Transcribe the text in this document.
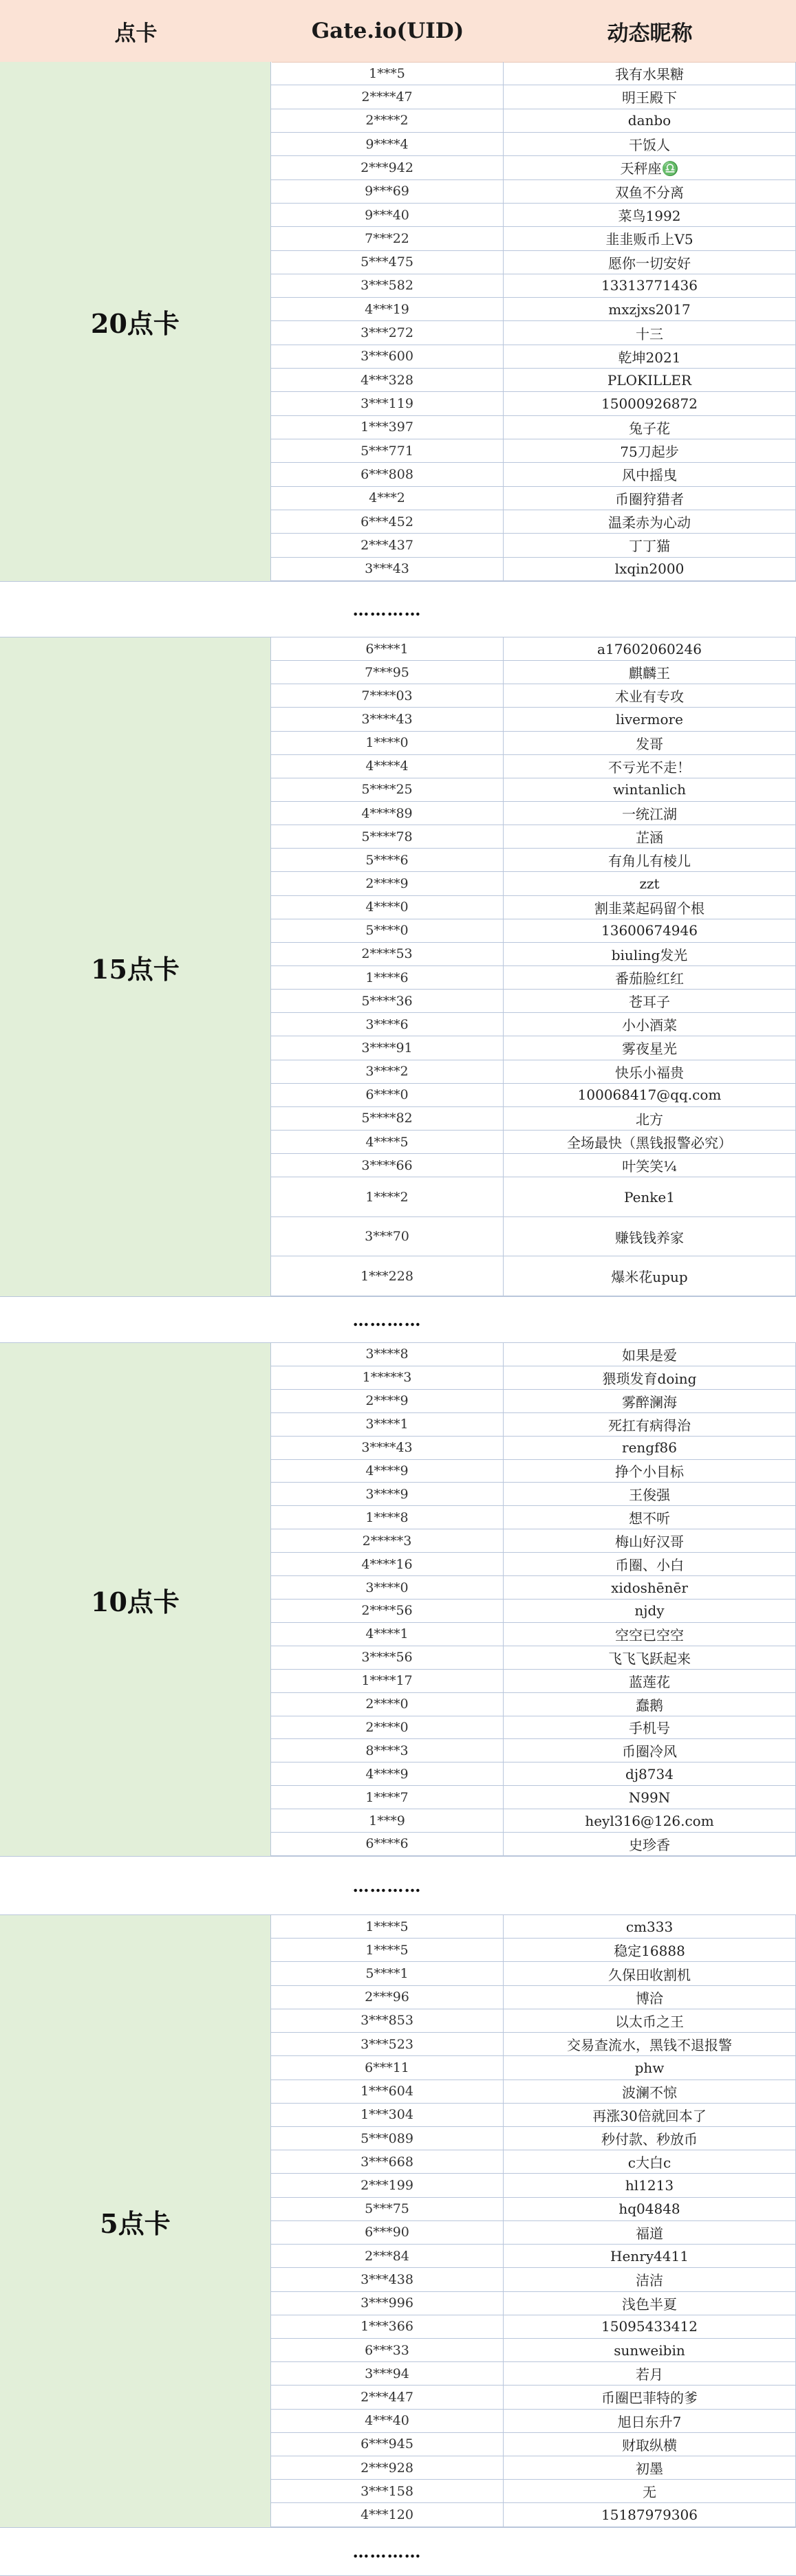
点卡	Gate.io(UID)	动态昵称
20点卡
1***5	我有水果糖
2****47	明王殿下
2****2	danbo
9****4	干饭人
2***942	天秤座♎
9***69	双鱼不分离
9***40	菜鸟1992
7***22	韭韭贩币上V5
5***475	愿你一切安好
3***582	13313771436
4***19	mxzjxs2017
3***272	十三
3***600	乾坤2021
4***328	PLOKILLER
3***119	15000926872
1***397	兔子花
5***771	75刀起步
6***808	风中摇曳
4***2	币圈狩猎者
6***452	温柔赤为心动
2***437	丁丁猫
3***43	lxqin2000
15点卡
6****1	a17602060246
7***95	麒麟王
7****03	术业有专攻
3****43	livermore
1****0	发哥
4****4	不亏光不走！
5****25	wintanlich
4****89	一统江湖
5****78	芷涵
5****6	有角儿有棱儿
2****9	zzt
4****0	割韭菜起码留个根
5****0	13600674946
2****53	biuling发光
1****6	番茄脸红红
5****36	苍耳子
3****6	小小酒菜
3****91	雾夜星光
3****2	快乐小福贵
6****0	100068417@qq.com
5****82	北方
4****5	全场最快（黑钱报警必究）
3****66	叶笑笑¼
1****2	Penke1
3***70	赚钱钱养家
1***228	爆米花upup
10点卡
3****8	如果是爱
1*****3	猥琐发育doing
2****9	雾醉澜海
3****1	死扛有病得治
3****43	rengf86
4****9	挣个小目标
3****9	王俊强
1****8	想不听
2*****3	梅山好汉哥
4****16	币圈、小白
3****0	xidoshēnēr
2****56	njdy
4****1	空空已空空
3****56	飞飞飞跃起来
1****17	蓝莲花
2****0	蠢鹅
2****0	手机号
8****3	币圈冷风
4****9	dj8734
1****7	N99N
1***9	heyl316@126.com
6****6	史珍香
5点卡
1****5	cm333
1****5	稳定16888
5****1	久保田收割机
2***96	博洽
3***853	以太币之王
3***523	交易查流水，黑钱不退报警
6***11	phw
1***604	波澜不惊
1***304	再涨30倍就回本了
5***089	秒付款、秒放币
3***668	c大白c
2***199	hl1213
5***75	hq04848
6***90	福道
2***84	Henry4411
3***438	洁洁
3***996	浅色半夏
1***366	15095433412
6***33	sunweibin
3***94	若月
2***447	币圈巴菲特的爹
4***40	旭日东升7
6***945	财取纵横
2***928	初墨
3***158	无
4***120	15187979306
…………
…………
…………
…………
